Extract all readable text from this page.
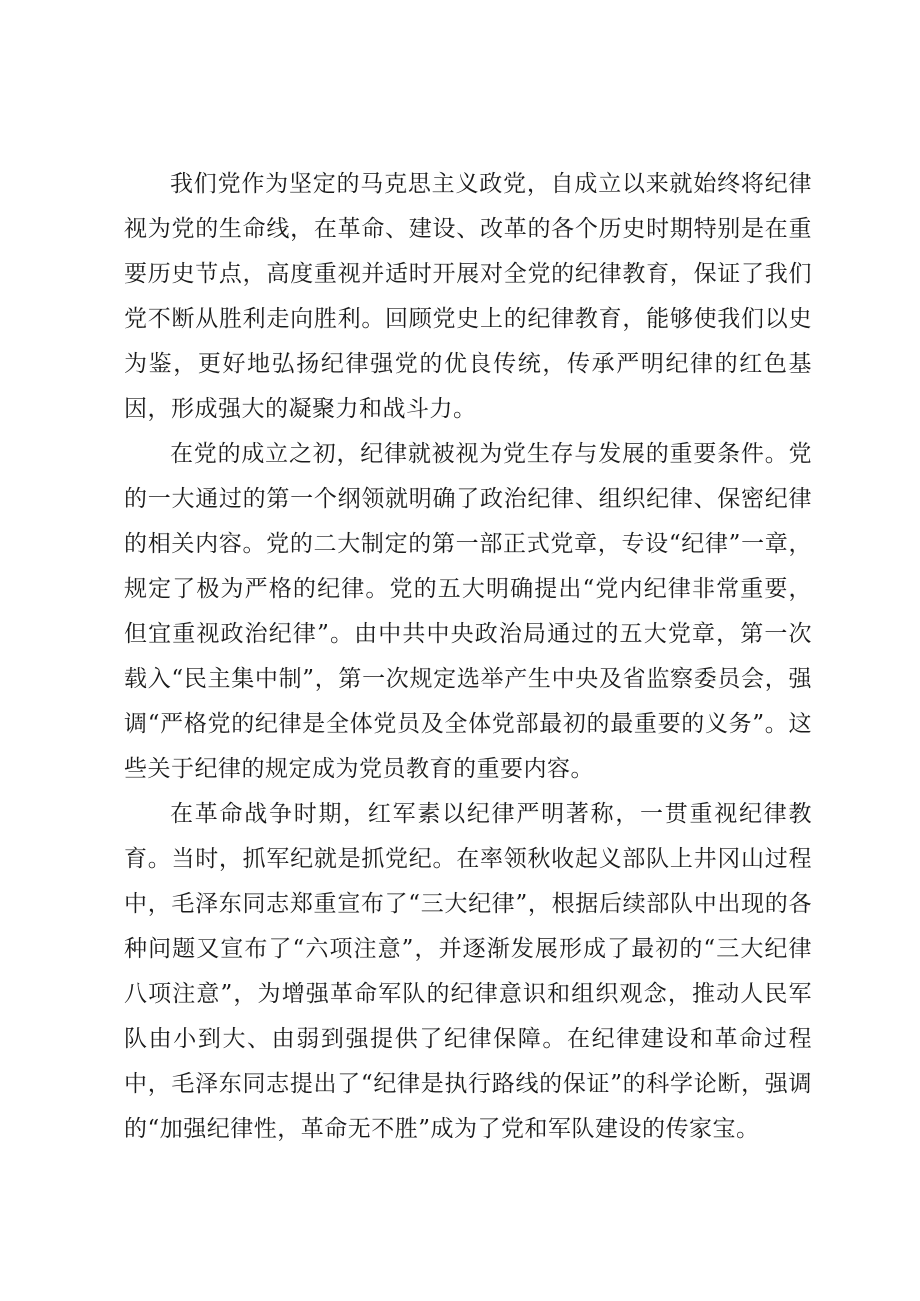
我们党作为坚定的马克思主义政党，自成立以来就始终将纪律视为党的生命线，在革命、建设、改革的各个历史时期特别是在重要历史节点，高度重视并适时开展对全党的纪律教育，保证了我们党不断从胜利走向胜利。回顾党史上的纪律教育，能够使我们以史为鉴，更好地弘扬纪律强党的优良传统，传承严明纪律的红色基因，形成强大的凝聚力和战斗力。

在党的成立之初，纪律就被视为党生存与发展的重要条件。党的一大通过的第一个纲领就明确了政治纪律、组织纪律、保密纪律的相关内容。党的二大制定的第一部正式党章，专设“纪律”一章，规定了极为严格的纪律。党的五大明确提出“党内纪律非常重要，但宜重视政治纪律”。由中共中央政治局通过的五大党章，第一次载入“民主集中制”，第一次规定选举产生中央及省监察委员会，强调“严格党的纪律是全体党员及全体党部最初的最重要的义务”。这些关于纪律的规定成为党员教育的重要内容。

在革命战争时期，红军素以纪律严明著称，一贯重视纪律教育。当时，抓军纪就是抓党纪。在率领秋收起义部队上井冈山过程中，毛泽东同志郑重宣布了“三大纪律”，根据后续部队中出现的各种问题又宣布了“六项注意”，并逐渐发展形成了最初的“三大纪律八项注意”，为增强革命军队的纪律意识和组织观念，推动人民军队由小到大、由弱到强提供了纪律保障。在纪律建设和革命过程中，毛泽东同志提出了“纪律是执行路线的保证”的科学论断，强调的“加强纪律性，革命无不胜”成为了党和军队建设的传家宝。
